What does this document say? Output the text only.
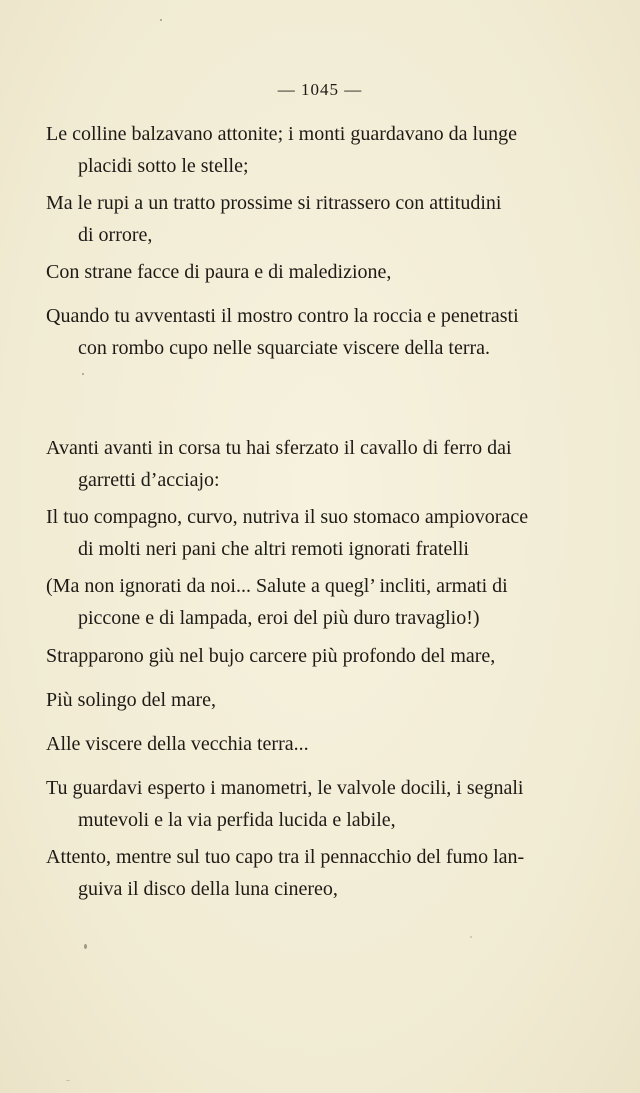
— 1045 —
Le colline balzavano attonite; i monti guardavano da lunge
placidi sotto le stelle;
Ma le rupi a un tratto prossime si ritrassero con attitudini
di orrore,
Con strane facce di paura e di maledizione,
Quando tu avventasti il mostro contro la roccia e penetrasti
con rombo cupo nelle squarciate viscere della terra.
Avanti avanti in corsa tu hai sferzato il cavallo di ferro dai
garretti d’acciajo:
Il tuo compagno, curvo, nutriva il suo stomaco ampiovorace
di molti neri pani che altri remoti ignorati fratelli
(Ma non ignorati da noi... Salute a quegl’ incliti, armati di
piccone e di lampada, eroi del più duro travaglio!)
Strapparono giù nel bujo carcere più profondo del mare,
Più solingo del mare,
Alle viscere della vecchia terra...
Tu guardavi esperto i manometri, le valvole docili, i segnali
mutevoli e la via perfida lucida e labile,
Attento, mentre sul tuo capo tra il pennacchio del fumo lan-
guiva il disco della luna cinereo,
